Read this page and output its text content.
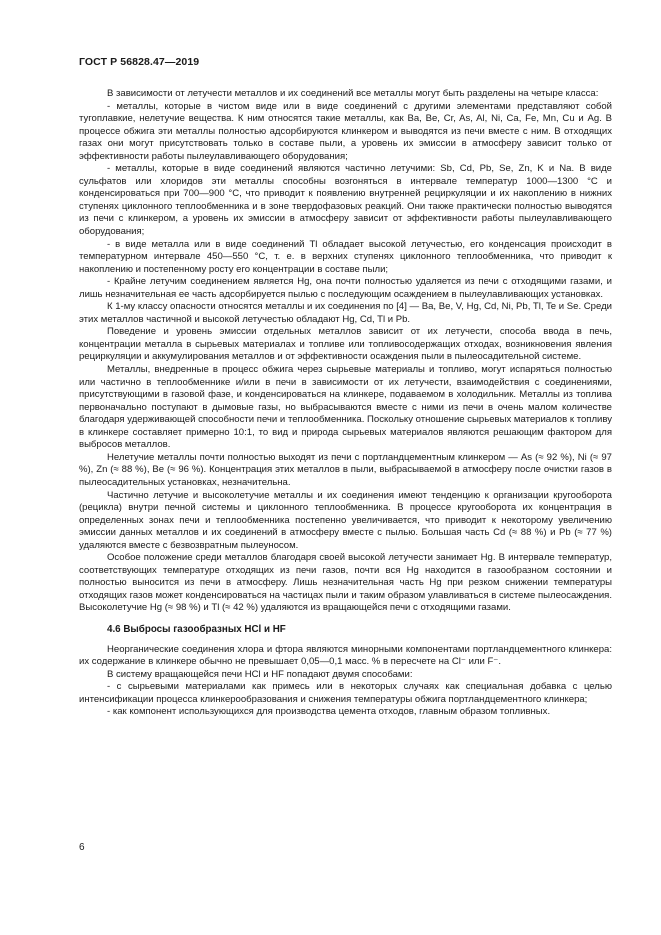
ГОСТ Р 56828.47—2019

В зависимости от летучести металлов и их соединений все металлы могут быть разделены на четыре класса:

- металлы, которые в чистом виде или в виде соединений с другими элементами представляют собой тугоплавкие, нелетучие вещества. К ним относятся такие металлы, как Ba, Be, Cr, As, Al, Ni, Ca, Fe, Mn, Cu и Ag. В процессе обжига эти металлы полностью адсорбируются клинкером и выводятся из печи вместе с ним. В отходящих газах они могут присутствовать только в составе пыли, а уровень их эмиссии в атмосферу зависит только от эффективности работы пылеулавливающего оборудования;

- металлы, которые в виде соединений являются частично летучими: Sb, Cd, Pb, Se, Zn, K и Na. В виде сульфатов или хлоридов эти металлы способны возгоняться в интервале температур 1000—1300 °С и конденсироваться при 700—900 °С, что приводит к появлению внутренней рециркуляции и их накоплению в нижних ступенях циклонного теплообменника и в зоне твердофазовых реакций. Они также практически полностью выводятся из печи с клинкером, а уровень их эмиссии в атмосферу зависит от эффективности работы пылеулавливающего оборудования;

- в виде металла или в виде соединений Tl обладает высокой летучестью, его конденсация происходит в температурном интервале 450—550 °С, т. е. в верхних ступенях циклонного теплообменника, что приводит к накоплению и постепенному росту его концентрации в составе пыли;

- Крайне летучим соединением является Hg, она почти полностью удаляется из печи с отходящими газами, и лишь незначительная ее часть адсорбируется пылью с последующим осаждением в пылеулавливающих установках.

К 1-му классу опасности относятся металлы и их соединения по [4] — Ba, Be, V, Hg, Cd, Ni, Pb, Tl, Te и Se. Среди этих металлов частичной и высокой летучестью обладают Hg, Cd, Tl и Pb.

Поведение и уровень эмиссии отдельных металлов зависит от их летучести, способа ввода в печь, концентрации металла в сырьевых материалах и топливе или топливосодержащих отходах, возникновения явления рециркуляции и аккумулирования металлов и от эффективности осаждения пыли в пылеосадительной системе.

Металлы, внедренные в процесс обжига через сырьевые материалы и топливо, могут испаряться полностью или частично в теплообменнике и/или в печи в зависимости от их летучести, взаимодействия с соединениями, присутствующими в газовой фазе, и конденсироваться на клинкере, подаваемом в холодильник. Металлы из топлива первоначально поступают в дымовые газы, но выбрасываются вместе с ними из печи в очень малом количестве благодаря удерживающей способности печи и теплообменника. Поскольку отношение сырьевых материалов к топливу в клинкере составляет примерно 10:1, то вид и природа сырьевых материалов являются решающим фактором для выбросов металлов.

Нелетучие металлы почти полностью выходят из печи с портландцементным клинкером — As (≈ 92 %), Ni (≈ 97 %), Zn (≈ 88 %), Be (≈ 96 %). Концентрация этих металлов в пыли, выбрасываемой в атмосферу после очистки газов в пылеосадительных установках, незначительна.

Частично летучие и высоколетучие металлы и их соединения имеют тенденцию к организации кругооборота (рецикла) внутри печной системы и циклонного теплообменника. В процессе кругооборота их концентрация в определенных зонах печи и теплообменника постепенно увеличивается, что приводит к некоторому увеличению эмиссии данных металлов и их соединений в атмосферу вместе с пылью. Большая часть Cd (≈ 88 %) и Pb (≈ 77 %) удаляются вместе с безвозвратным пылеуносом.

Особое положение среди металлов благодаря своей высокой летучести занимает Hg. В интервале температур, соответствующих температуре отходящих из печи газов, почти вся Hg находится в газообразном состоянии и полностью выносится из печи в атмосферу. Лишь незначительная часть Hg при резком снижении температуры отходящих газов может конденсироваться на частицах пыли и таким образом улавливаться в системе пылеосаждения. Высоколетучие Hg (≈ 98 %) и Tl (≈ 42 %) удаляются из вращающейся печи с отходящими газами.

4.6 Выбросы газообразных HCl и HF

Неорганические соединения хлора и фтора являются минорными компонентами портландцементного клинкера: их содержание в клинкере обычно не превышает 0,05—0,1 масс. % в пересчете на Cl⁻ или F⁻.

В систему вращающейся печи HCl и HF попадают двумя способами:

- с сырьевыми материалами как примесь или в некоторых случаях как специальная добавка с целью интенсификации процесса клинкерообразования и снижения температуры обжига портландцементного клинкера;

- как компонент использующихся для производства цемента отходов, главным образом топливных.

6
